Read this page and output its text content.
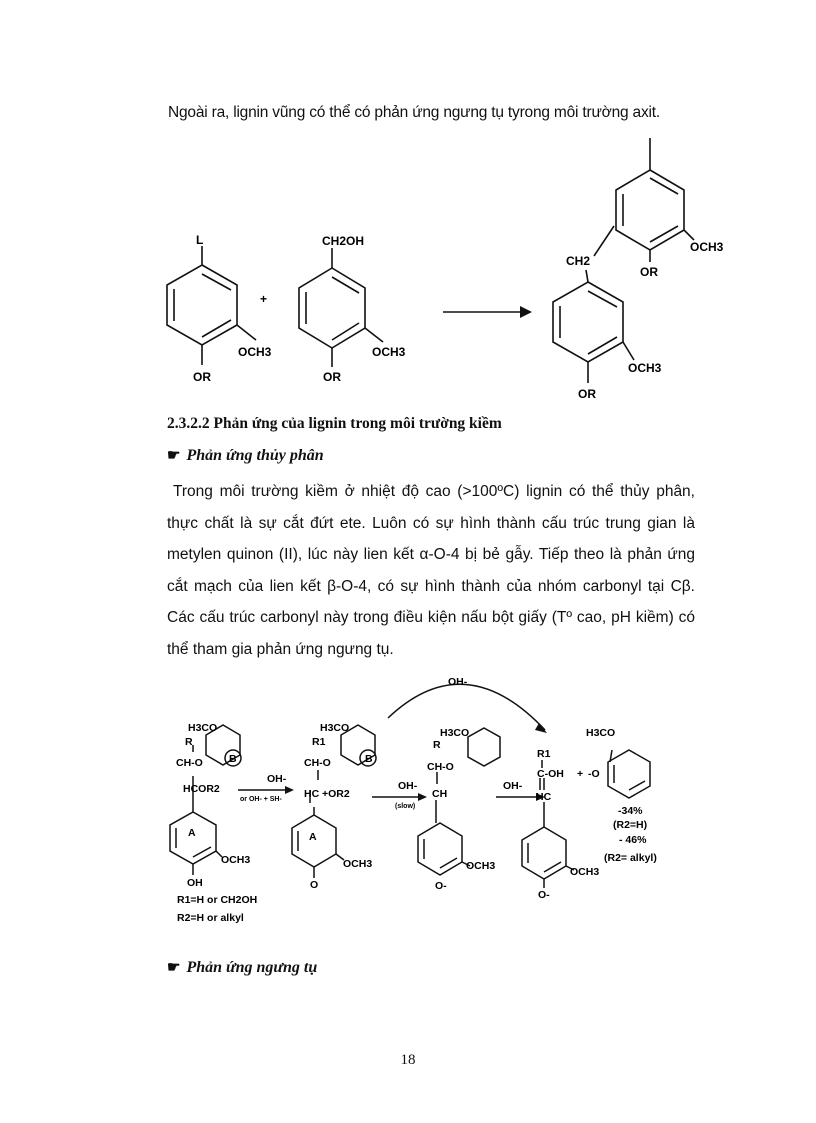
Ngoài ra, lignin vũng có thể có phản ứng ngưng tụ tyrong môi trường axit.
L
OCH3
OR
+
CH2OH
OCH3
OR
CH2
OCH3
OR
OCH3
OR
2.3.2.2 Phản ứng của lignin trong môi trường kiềm
☛ Phản ứng thủy phân
Trong môi trường kiềm ở nhiệt độ cao (>100ºC) lignin có thể thủy phân, thực chất là sự cắt đứt ete. Luôn có sự hình thành cấu trúc trung gian là metylen quinon (II), lúc này lien kết α-O-4 bị bẻ gẫy. Tiếp theo là phản ứng cắt mạch của lien kết β-O-4, có sự hình thành của nhóm carbonyl tại Cβ. Các cấu trúc carbonyl này trong điều kiện nấu bột giấy (Tº cao, pH kiềm) có thể tham gia phản ứng ngưng tụ.
OH-
H3CO
R
CH-O B
HCOR2
A
OCH3
OH
R1=H or CH2OH
R2=H or alkyl
OH-
or OH- + SH-
H3CO
R1
CH-O	B
HC +OR2
A
OCH3
O
OH-
(slow)
H3CO
R
CH-O
CH
OCH3
O-
OH-
R1
C-OH +
HC
OCH3
O-
H3CO
-O
-34%
(R2=H)
- 46%
(R2= alkyl)
☛ Phản ứng ngưng tụ
18
